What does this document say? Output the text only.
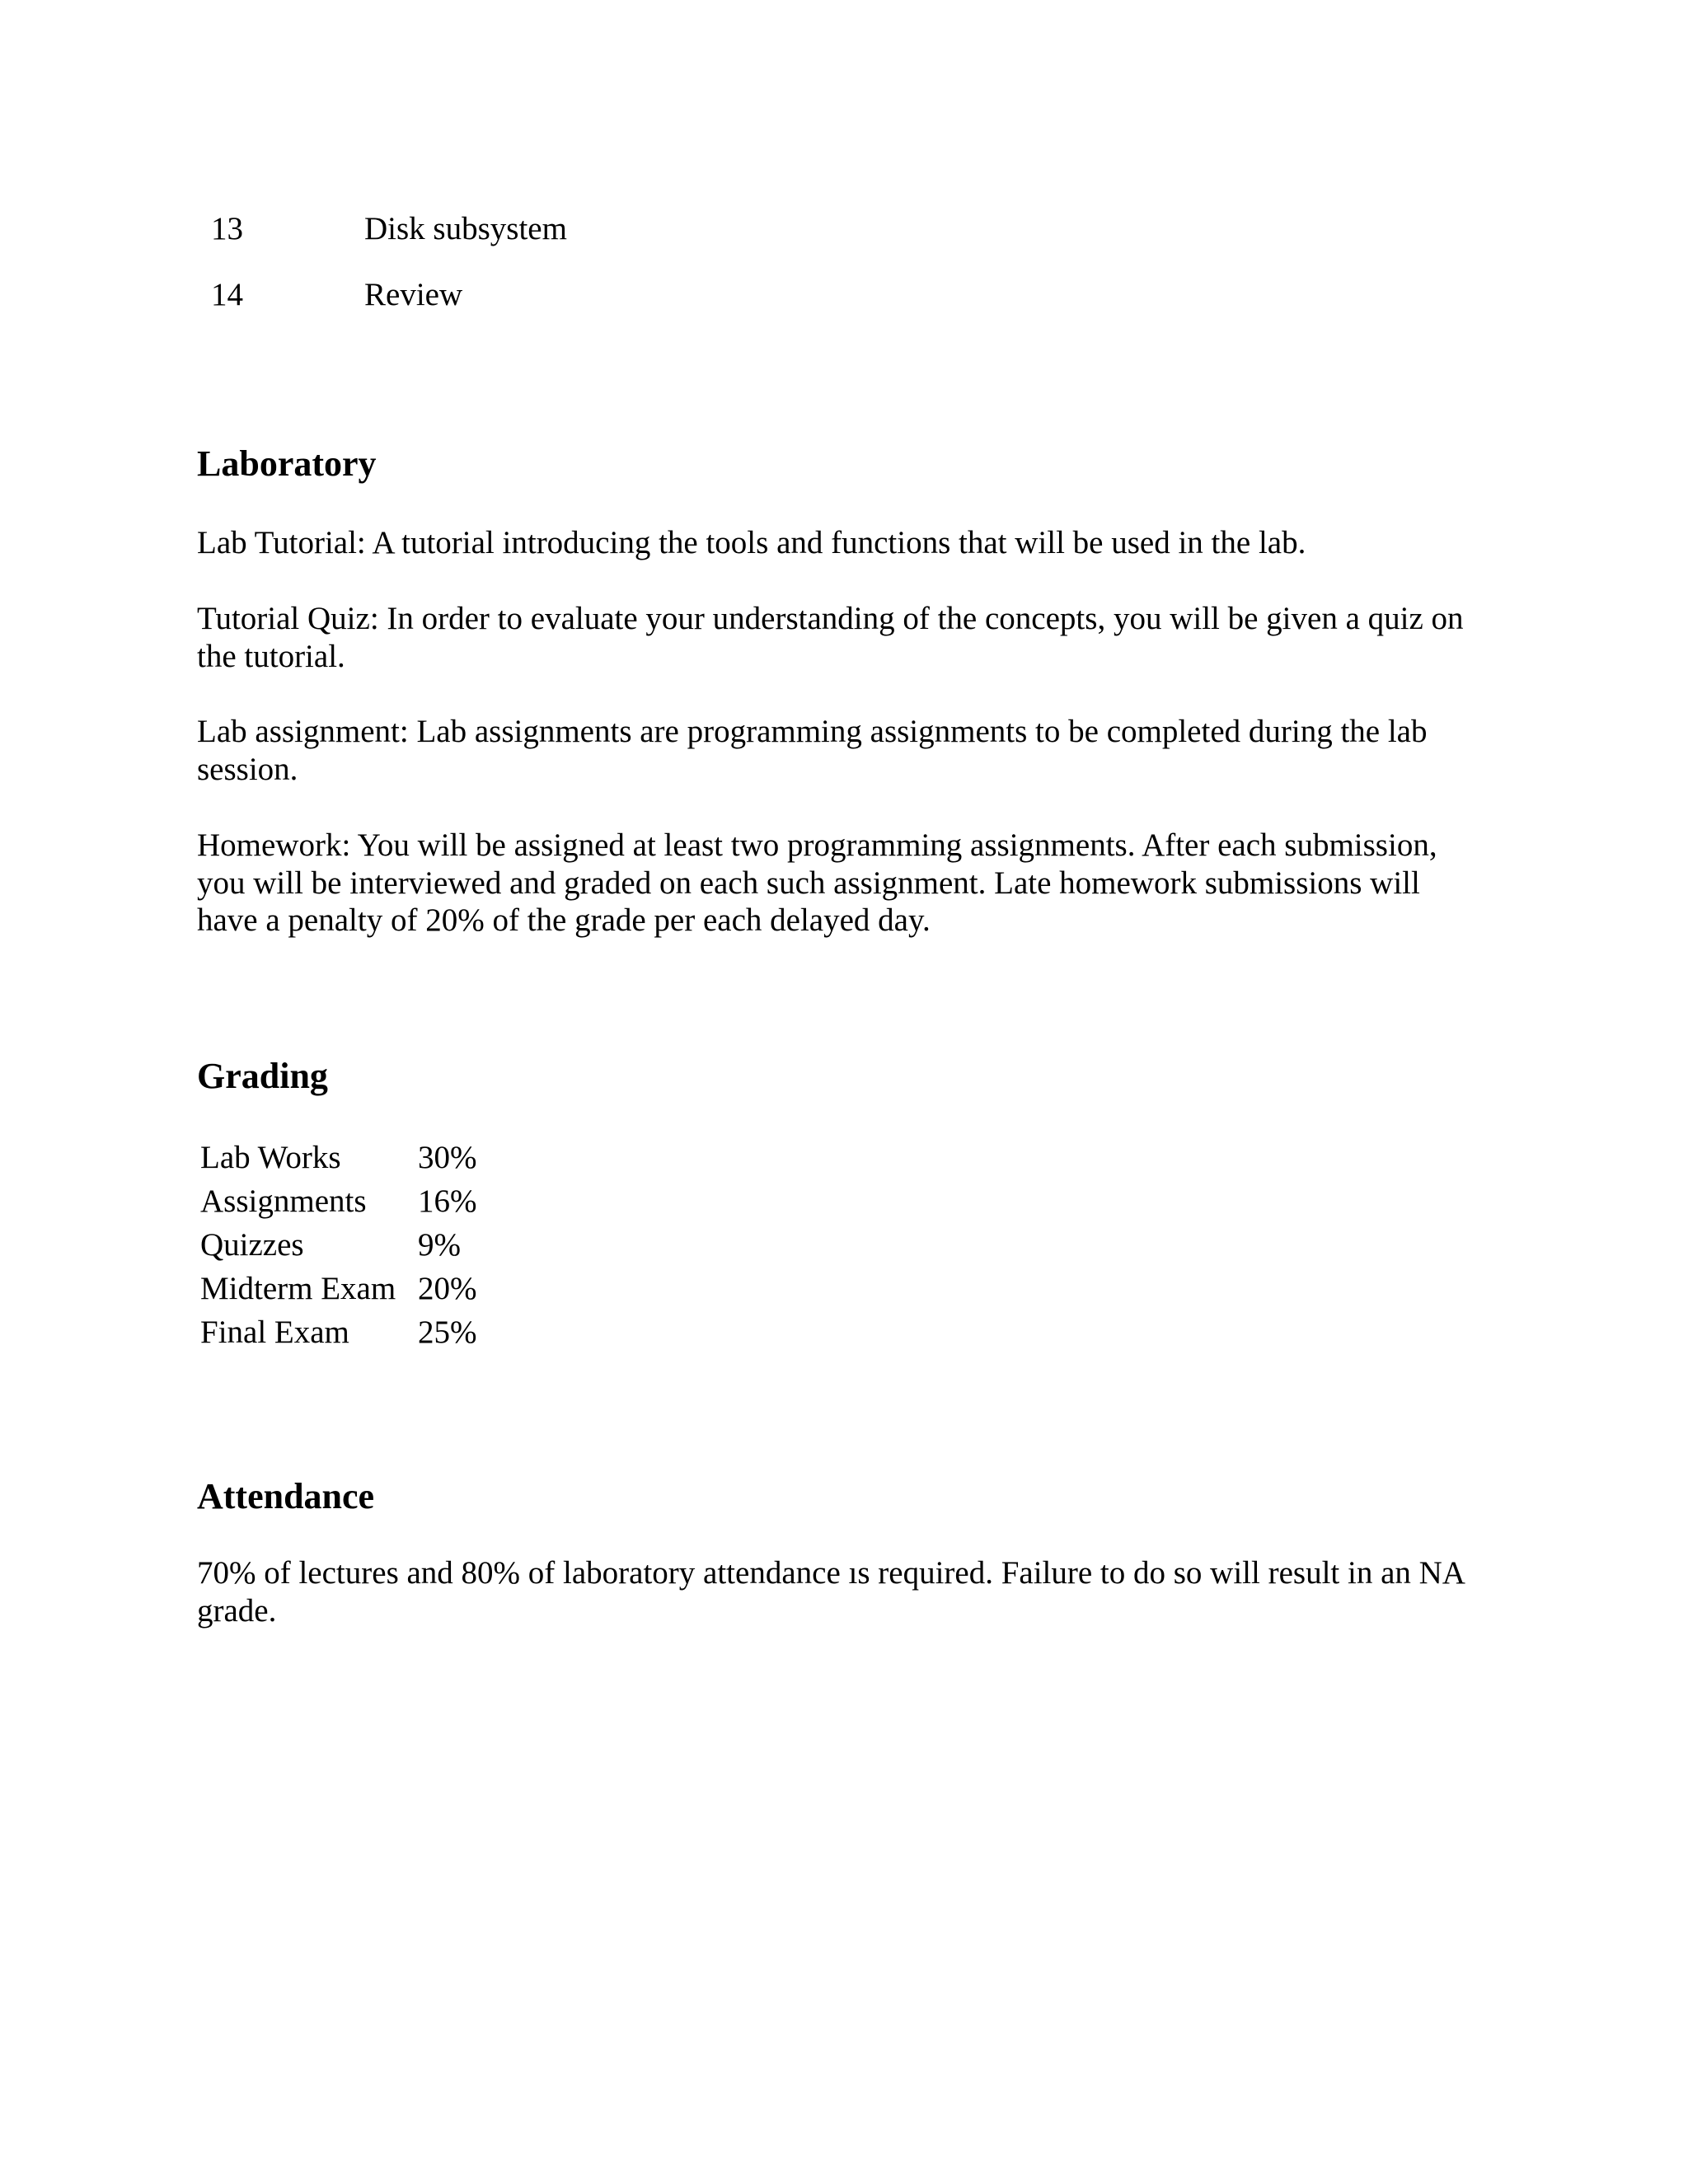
13	Disk subsystem
14	Review
Laboratory
Lab Tutorial: A tutorial introducing the tools and functions that will be used in the lab.
Tutorial Quiz: In order to evaluate your understanding of the concepts, you will be given a quiz on the tutorial.
Lab assignment: Lab assignments are programming assignments to be completed during the lab session.
Homework: You will be assigned at least two programming assignments. After each submission, you will be interviewed and graded on each such assignment. Late homework submissions will have a penalty of 20% of the grade per each delayed day.
Grading
Lab Works 30%
Assignments 16%
Quizzes	9%
Midterm Exam 20%
Final Exam 25%
Attendance
70% of lectures and 80% of laboratory attendance ıs required. Failure to do so will result in an NA grade.
